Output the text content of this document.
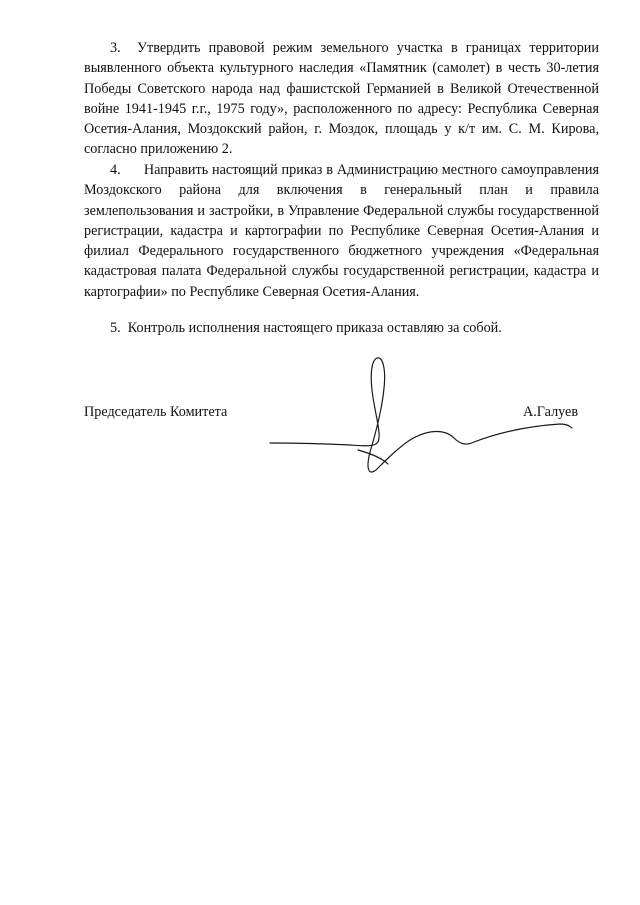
3. Утвердить правовой режим земельного участка в границах территории выявленного объекта культурного наследия «Памятник (самолет) в честь 30-летия Победы Советского народа над фашистской Германией в Великой Отечественной войне 1941-1945 г.г., 1975 году», расположенного по адресу: Республика Северная Осетия-Алания, Моздокский район, г. Моздок, площадь у к/т им. С. М. Кирова, согласно приложению 2.

4. Направить настоящий приказ в Администрацию местного самоуправления Моздокского района для включения в генеральный план и правила землепользования и застройки, в Управление Федеральной службы государственной регистрации, кадастра и картографии по Республике Северная Осетия-Алания и филиал Федерального государственного бюджетного учреждения «Федеральная кадастровая палата Федеральной службы государственной регистрации, кадастра и картографии» по Республике Северная Осетия-Алания.

5. Контроль исполнения настоящего приказа оставляю за собой.

Председатель Комитета	А.Галуев
